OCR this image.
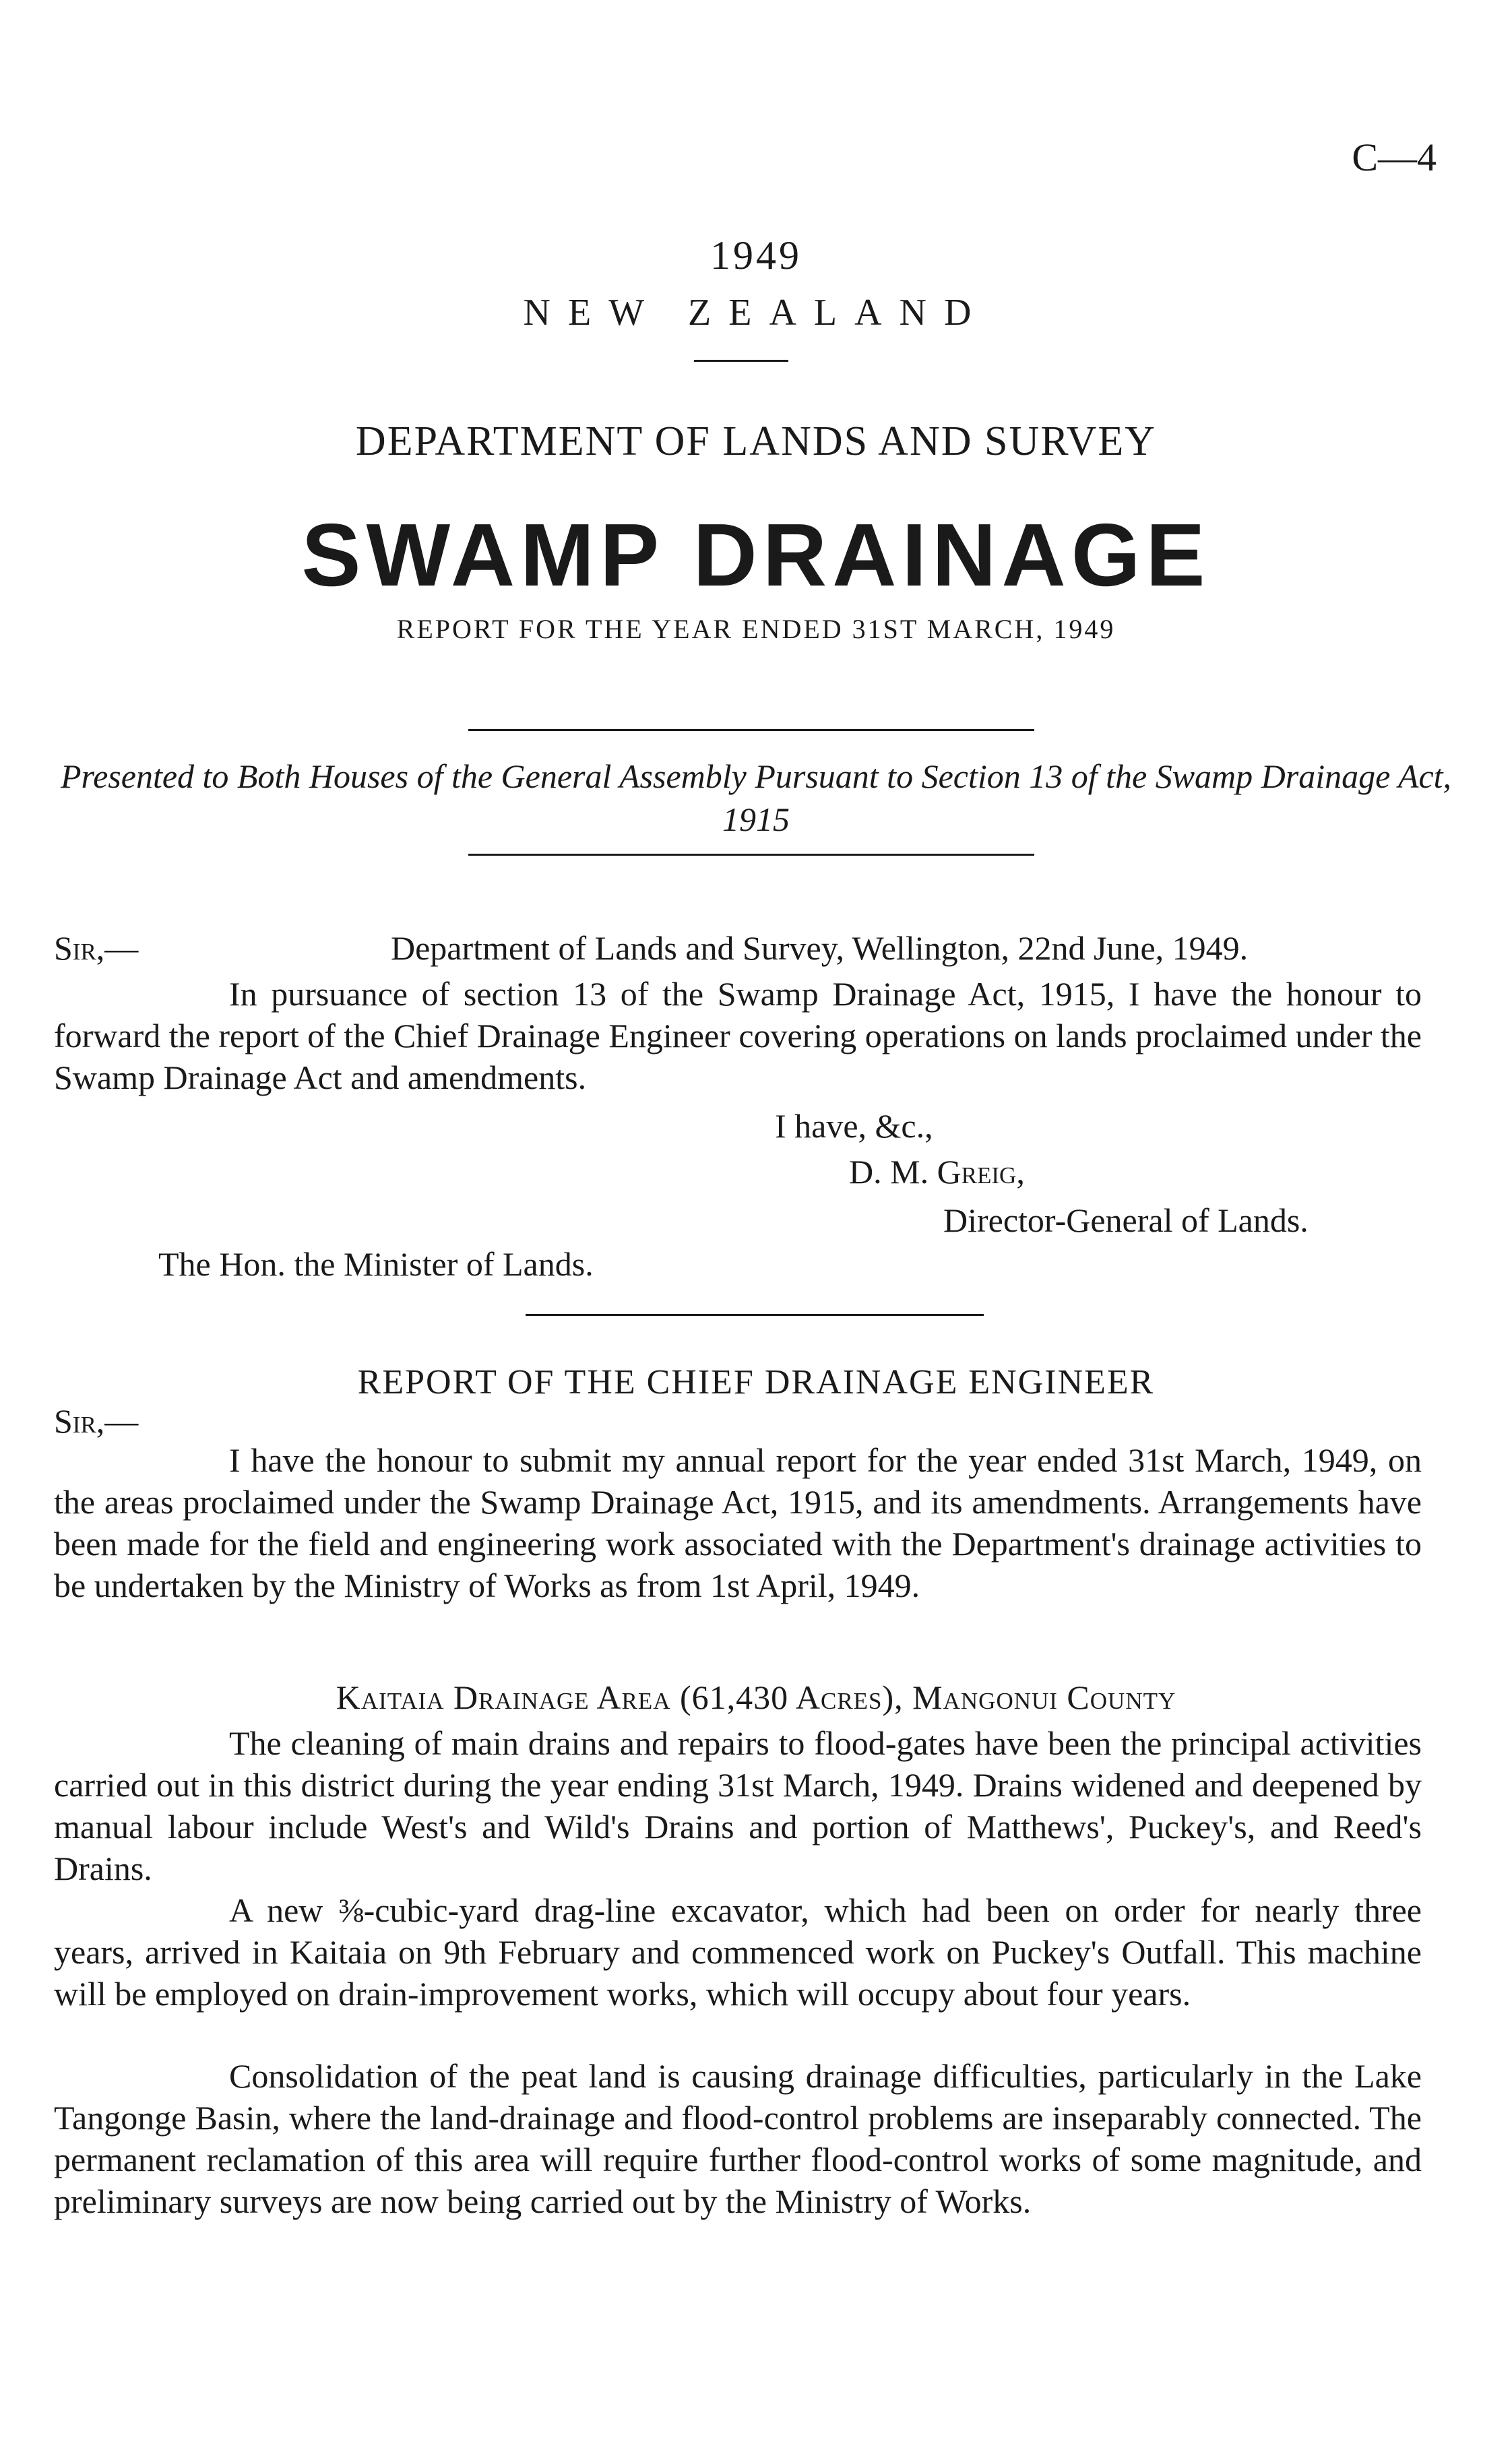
C—4
1949
NEW ZEALAND
DEPARTMENT OF LANDS AND SURVEY
SWAMP DRAINAGE
REPORT FOR THE YEAR ENDED 31ST MARCH, 1949
Presented to Both Houses of the General Assembly Pursuant to Section 13 of the Swamp Drainage Act, 1915
Sir,—	Department of Lands and Survey, Wellington, 22nd June, 1949.

In pursuance of section 13 of the Swamp Drainage Act, 1915, I have the honour to forward the report of the Chief Drainage Engineer covering operations on lands proclaimed under the Swamp Drainage Act and amendments.

I have, &c.,
D. M. Greig,
Director-General of Lands.
The Hon. the Minister of Lands.
REPORT OF THE CHIEF DRAINAGE ENGINEER
Sir,—

I have the honour to submit my annual report for the year ended 31st March, 1949, on the areas proclaimed under the Swamp Drainage Act, 1915, and its amendments. Arrangements have been made for the field and engineering work associated with the Department's drainage activities to be undertaken by the Ministry of Works as from 1st April, 1949.

Kaitaia Drainage Area (61,430 Acres), Mangonui County

The cleaning of main drains and repairs to flood-gates have been the principal activities carried out in this district during the year ending 31st March, 1949. Drains widened and deepened by manual labour include West's and Wild's Drains and portion of Matthews', Puckey's, and Reed's Drains.

A new ⅜-cubic-yard drag-line excavator, which had been on order for nearly three years, arrived in Kaitaia on 9th February and commenced work on Puckey's Outfall. This machine will be employed on drain-improvement works, which will occupy about four years.

Consolidation of the peat land is causing drainage difficulties, particularly in the Lake Tangonge Basin, where the land-drainage and flood-control problems are inseparably connected. The permanent reclamation of this area will require further flood-control works of some magnitude, and preliminary surveys are now being carried out by the Ministry of Works.
